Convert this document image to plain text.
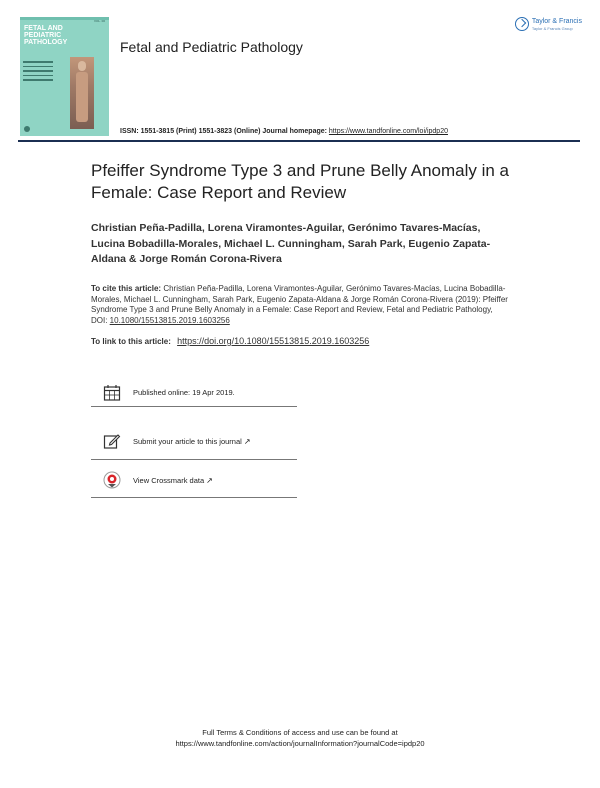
VOL. 00
FETAL AND
PEDIATRIC
PATHOLOGY	Fetal and Pediatric Pathology
Taylor & Francis
Taylor & Francis Group
ISSN: 1551-3815 (Print) 1551-3823 (Online) Journal homepage: https://www.tandfonline.com/loi/ipdp20
Pfeiffer Syndrome Type 3 and Prune Belly Anomaly in a Female: Case Report and Review
Christian Peña-Padilla, Lorena Viramontes-Aguilar, Gerónimo Tavares-Macías, Lucina Bobadilla-Morales, Michael L. Cunningham, Sarah Park, Eugenio Zapata-Aldana & Jorge Román Corona-Rivera
To cite this article: Christian Peña-Padilla, Lorena Viramontes-Aguilar, Gerónimo Tavares-Macías, Lucina Bobadilla-Morales, Michael L. Cunningham, Sarah Park, Eugenio Zapata-Aldana & Jorge Román Corona-Rivera (2019): Pfeiffer Syndrome Type 3 and Prune Belly Anomaly in a Female: Case Report and Review, Fetal and Pediatric Pathology, DOI: 10.1080/15513815.2019.1603256
To link to this article: https://doi.org/10.1080/15513815.2019.1603256
Published online: 19 Apr 2019.
Submit your article to this journal ↗
View Crossmark data ↗
Full Terms & Conditions of access and use can be found at
https://www.tandfonline.com/action/journalInformation?journalCode=ipdp20
